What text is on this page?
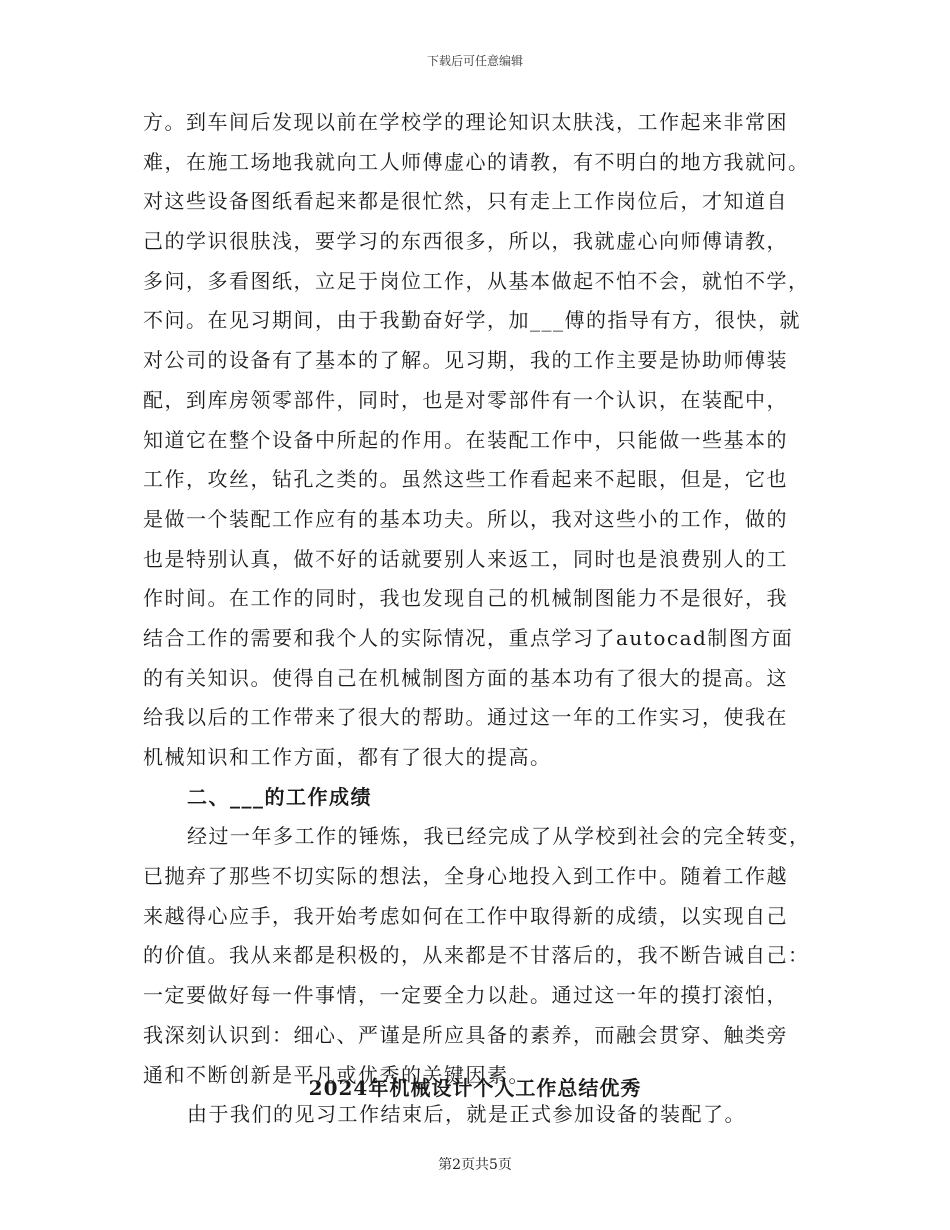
下载后可任意编辑
方。到车间后发现以前在学校学的理论知识太肤浅，工作起来非常困
难，在施工场地我就向工人师傅虚心的请教，有不明白的地方我就问。
对这些设备图纸看起来都是很忙然，只有走上工作岗位后，才知道自
己的学识很肤浅，要学习的东西很多，所以，我就虚心向师傅请教，
多问，多看图纸，立足于岗位工作，从基本做起不怕不会，就怕不学，
不问。在见习期间，由于我勤奋好学，加___傅的指导有方，很快，就
对公司的设备有了基本的了解。见习期，我的工作主要是协助师傅装
配，到库房领零部件，同时，也是对零部件有一个认识，在装配中，
知道它在整个设备中所起的作用。在装配工作中，只能做一些基本的
工作，攻丝，钻孔之类的。虽然这些工作看起来不起眼，但是，它也
是做一个装配工作应有的基本功夫。所以，我对这些小的工作，做的
也是特别认真，做不好的话就要别人来返工，同时也是浪费别人的工
作时间。在工作的同时，我也发现自己的机械制图能力不是很好，我
结合工作的需要和我个人的实际情况，重点学习了autocad制图方面
的有关知识。使得自己在机械制图方面的基本功有了很大的提高。这
给我以后的工作带来了很大的帮助。通过这一年的工作实习，使我在
机械知识和工作方面，都有了很大的提高。
二、___的工作成绩
经过一年多工作的锤炼，我已经完成了从学校到社会的完全转变，
已抛弃了那些不切实际的想法，全身心地投入到工作中。随着工作越
来越得心应手，我开始考虑如何在工作中取得新的成绩，以实现自己
的价值。我从来都是积极的，从来都是不甘落后的，我不断告诫自己：
一定要做好每一件事情，一定要全力以赴。通过这一年的摸打滚怕，
我深刻认识到：细心、严谨是所应具备的素养，而融会贯穿、触类旁
通和不断创新是平凡或优秀的关键因素。
由于我们的见习工作结束后，就是正式参加设备的装配了。
2024年机械设计个人工作总结优秀
第2页共5页
